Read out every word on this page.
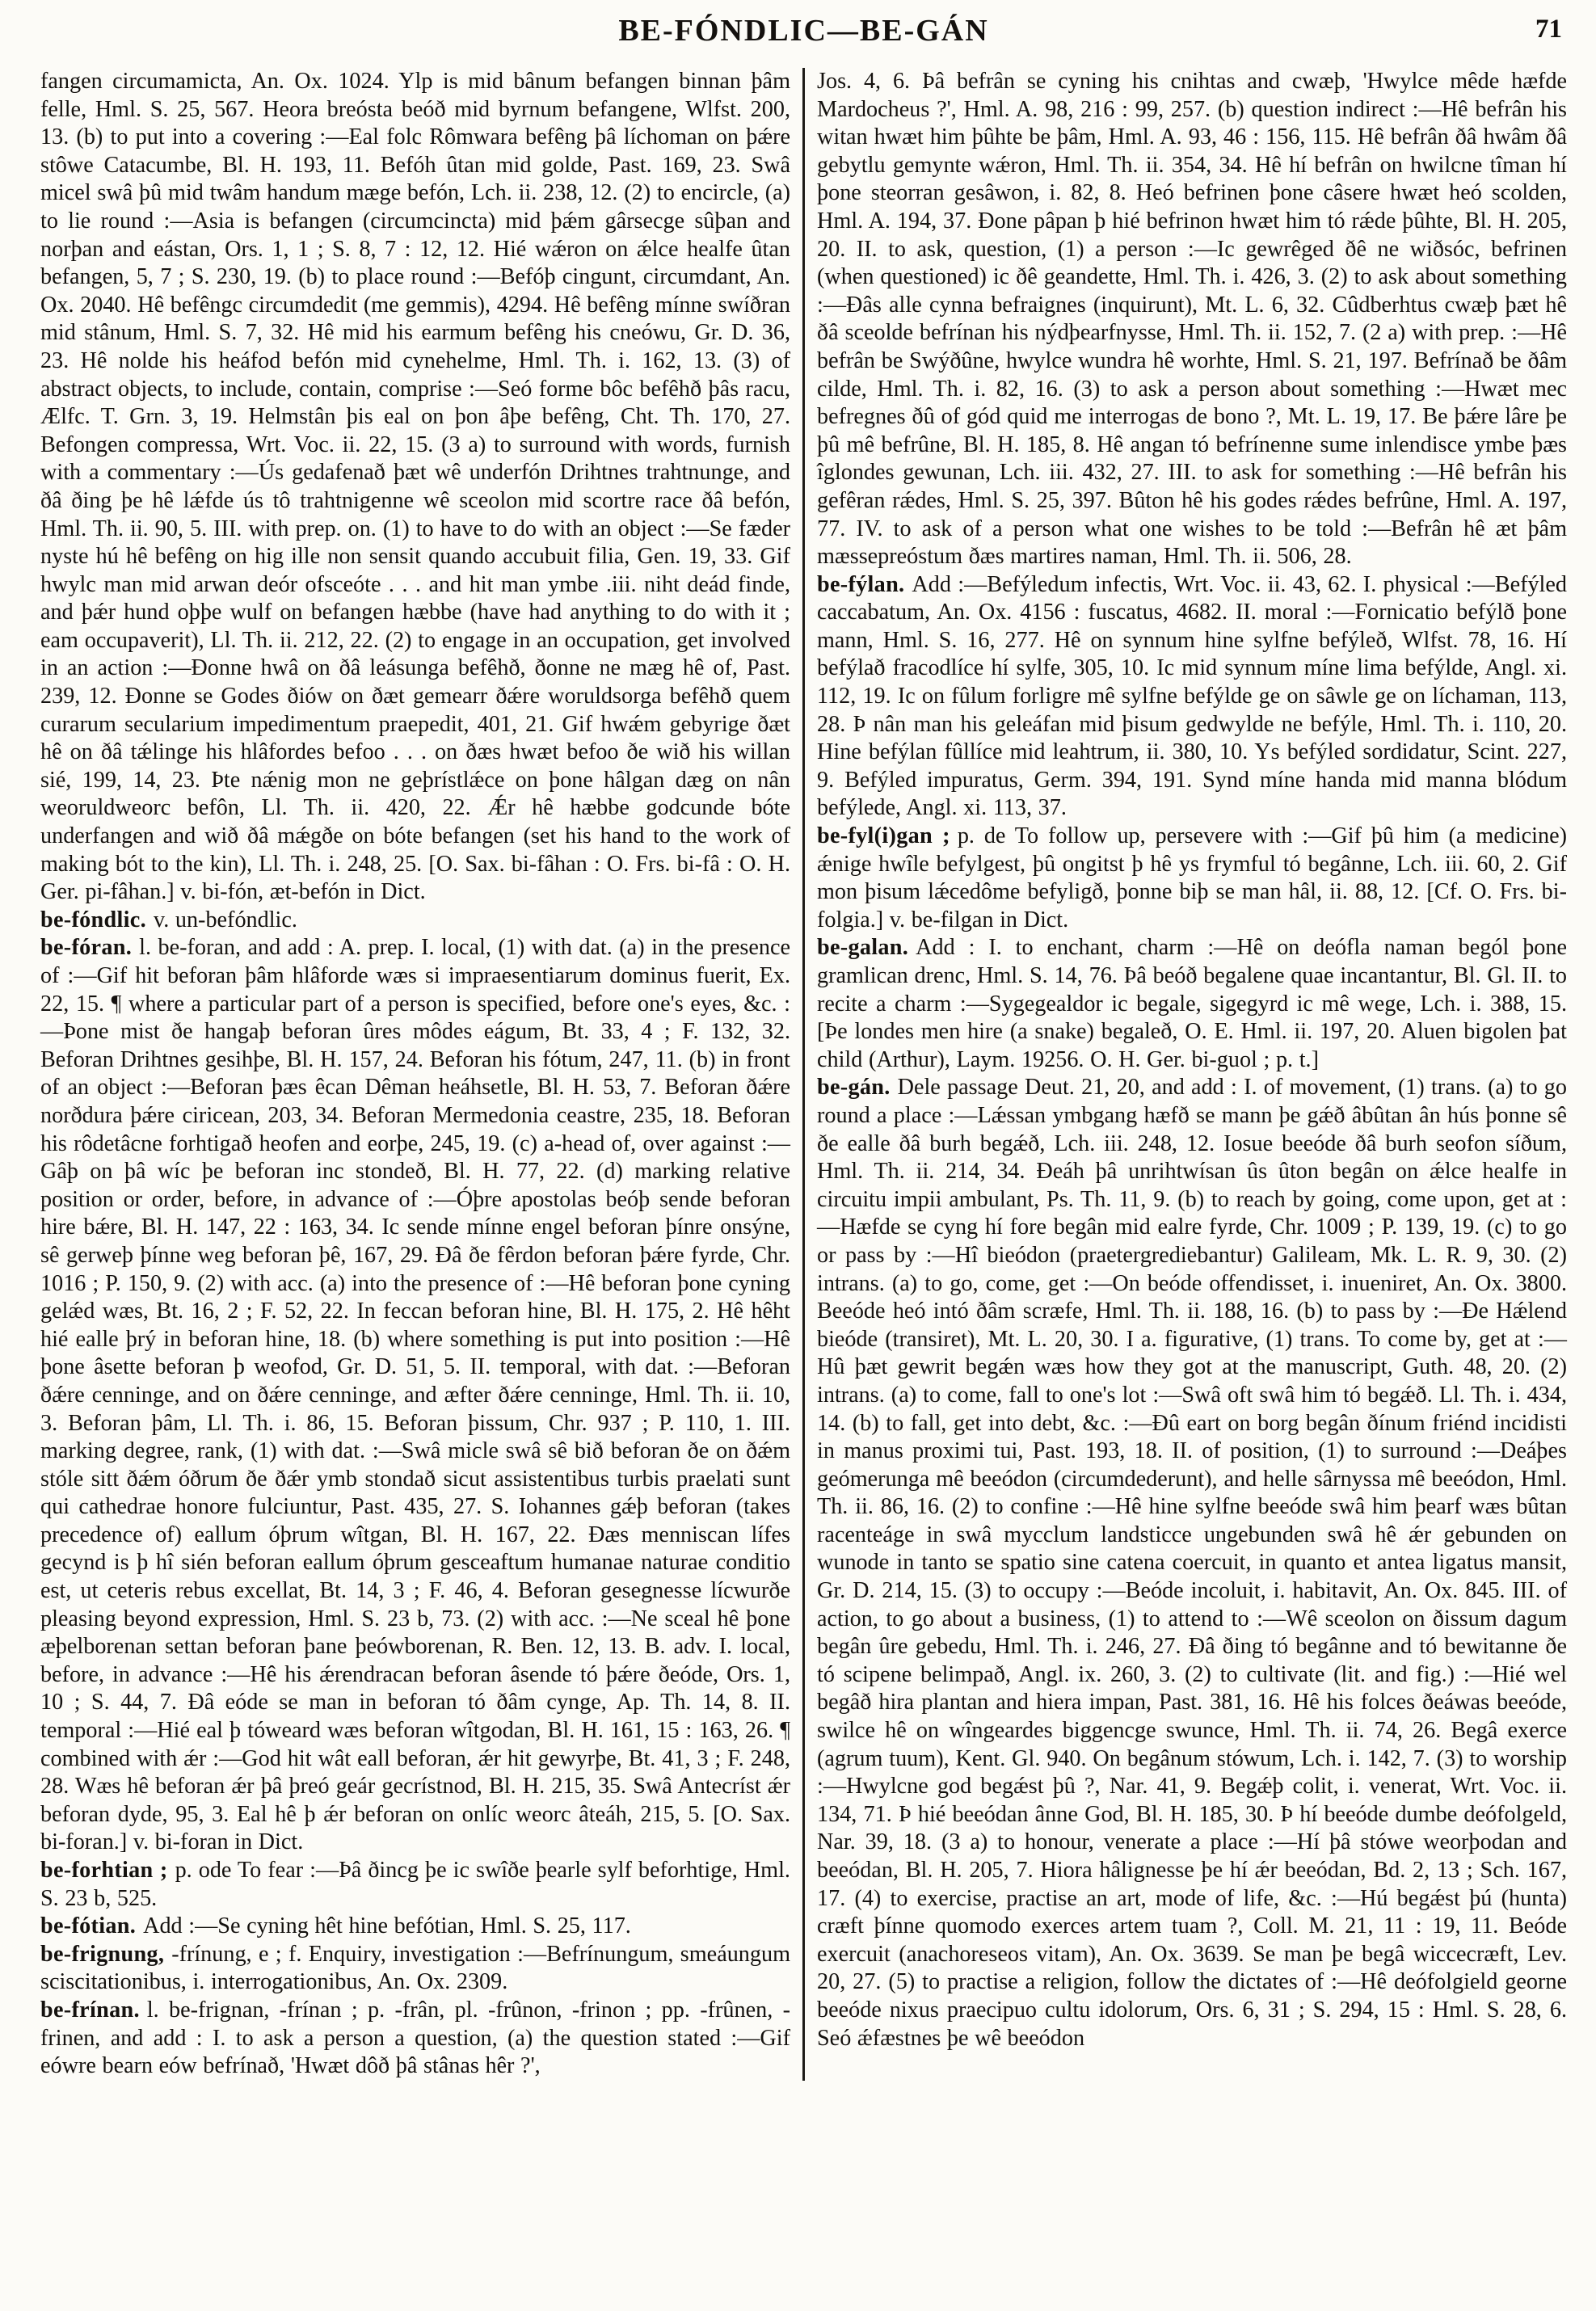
BE-FÓNDLIC—BE-GÁN	71

fangen circumamicta, An. Ox. 1024. Ylp is mid bânum befangen binnan þâm felle, Hml. S. 25, 567. Heora breósta beóð mid byrnum befangene, Wlfst. 200, 13. (b) to put into a covering :—Eal folc Rômwara befêng þâ líchoman on þǽre stôwe Catacumbe, Bl. H. 193, 11. Befóh ûtan mid golde, Past. 169, 23. Swâ micel swâ þû mid twâm handum mæge befón, Lch. ii. 238, 12. (2) to encircle, (a) to lie round :—Asia is befangen (circumcincta) mid þǽm gârsecge sûþan and norþan and eástan, Ors. 1, 1 ; S. 8, 7 : 12, 12. Hié wǽron on ǽlce healfe ûtan befangen, 5, 7 ; S. 230, 19. (b) to place round :—Befóþ cingunt, circumdant, An. Ox. 2040. Hê befêngc circumdedit (me gemmis), 4294. Hê befêng mínne swíðran mid stânum, Hml. S. 7, 32. Hê mid his earmum befêng his cneówu, Gr. D. 36, 23. Hê nolde his heáfod befón mid cynehelme, Hml. Th. i. 162, 13. (3) of abstract objects, to include, contain, comprise :—Seó forme bôc befêhð þâs racu, Ælfc. T. Grn. 3, 19. Helmstân þis eal on þon âþe befêng, Cht. Th. 170, 27. Befongen compressa, Wrt. Voc. ii. 22, 15. (3 a) to surround with words, furnish with a commentary :—Ús gedafenað þæt wê underfón Drihtnes trahtnunge, and ðâ ðing þe hê lǽfde ús tô trahtnigenne wê sceolon mid scortre race ðâ befón, Hml. Th. ii. 90, 5. III. with prep. on. (1) to have to do with an object :—Se fæder nyste hú hê befêng on hig ille non sensit quando accubuit filia, Gen. 19, 33. Gif hwylc man mid arwan deór ofsceóte . . . and hit man ymbe .iii. niht deád finde, and þǽr hund oþþe wulf on befangen hæbbe (have had anything to do with it ; eam occupaverit), Ll. Th. ii. 212, 22. (2) to engage in an occupation, get involved in an action :—Ðonne hwâ on ðâ leásunga befêhð, ðonne ne mæg hê of, Past. 239, 12. Ðonne se Godes ðiów on ðæt gemearr ðǽre woruldsorga befêhð quem curarum secularium impedimentum praepedit, 401, 21. Gif hwǽm gebyrige ðæt hê on ðâ tǽlinge his hlâfordes befoo . . . on ðæs hwæt befoo ðe wið his willan sié, 199, 14, 23. Þte nǽnig mon ne geþrístlǽce on þone hâlgan dæg on nân weoruldweorc befôn, Ll. Th. ii. 420, 22. Ǽr hê hæbbe godcunde bóte underfangen and wið ðâ mǽgðe on bóte befangen (set his hand to the work of making bót to the kin), Ll. Th. i. 248, 25. [O. Sax. bi-fâhan : O. Frs. bi-fâ : O. H. Ger. pi-fâhan.] v. bi-fón, æt-befón in Dict.

be-fóndlic. v. un-befóndlic.

be-fóran. l. be-foran, and add : A. prep. I. local, (1) with dat. (a) in the presence of :—Gif hit beforan þâm hlâforde wæs si impraesentiarum dominus fuerit, Ex. 22, 15. ¶ where a particular part of a person is specified, before one's eyes, &c. :—Þone mist ðe hangaþ beforan ûres môdes eágum, Bt. 33, 4 ; F. 132, 32. Beforan Drihtnes gesihþe, Bl. H. 157, 24. Beforan his fótum, 247, 11. (b) in front of an object :—Beforan þæs êcan Dêman heáhsetle, Bl. H. 53, 7. Beforan ðǽre norðdura þǽre ciricean, 203, 34. Beforan Mermedonia ceastre, 235, 18. Beforan his rôdetâcne forhtigað heofen and eorþe, 245, 19. (c) a-head of, over against :—Gâþ on þâ wíc þe beforan inc stondeð, Bl. H. 77, 22. (d) marking relative position or order, before, in advance of :—Óþre apostolas beóþ sende beforan hire bǽre, Bl. H. 147, 22 : 163, 34. Ic sende mínne engel beforan þínre onsýne, sê gerweþ þínne weg beforan þê, 167, 29. Ðâ ðe fêrdon beforan þǽre fyrde, Chr. 1016 ; P. 150, 9. (2) with acc. (a) into the presence of :—Hê beforan þone cyning gelǽd wæs, Bt. 16, 2 ; F. 52, 22. In feccan beforan hine, Bl. H. 175, 2. Hê hêht hié ealle þrý in beforan hine, 18. (b) where something is put into position :—Hê þone âsette beforan þ weofod, Gr. D. 51, 5. II. temporal, with dat. :—Beforan ðǽre cenninge, and on ðǽre cenninge, and æfter ðǽre cenninge, Hml. Th. ii. 10, 3. Beforan þâm, Ll. Th. i. 86, 15. Beforan þissum, Chr. 937 ; P. 110, 1. III. marking degree, rank, (1) with dat. :—Swâ micle swâ sê bið beforan ðe on ðǽm stóle sitt ðǽm óðrum ðe ðǽr ymb stondað sicut assistentibus turbis praelati sunt qui cathedrae honore fulciuntur, Past. 435, 27. S. Iohannes gǽþ beforan (takes precedence of) eallum óþrum wîtgan, Bl. H. 167, 22. Ðæs menniscan lífes gecynd is þ hî sién beforan eallum óþrum gesceaftum humanae naturae conditio est, ut ceteris rebus excellat, Bt. 14, 3 ; F. 46, 4. Beforan gesegnesse lícwurðe pleasing beyond expression, Hml. S. 23 b, 73. (2) with acc. :—Ne sceal hê þone æþelborenan settan beforan þane þeówborenan, R. Ben. 12, 13. B. adv. I. local, before, in advance :—Hê his ǽrendracan beforan âsende tó þǽre ðeóde, Ors. 1, 10 ; S. 44, 7. Ðâ eóde se man in beforan tó ðâm cynge, Ap. Th. 14, 8. II. temporal :—Hié eal þ tóweard wæs beforan wîtgodan, Bl. H. 161, 15 : 163, 26. ¶ combined with ǽr :—God hit wât eall beforan, ǽr hit gewyrþe, Bt. 41, 3 ; F. 248, 28. Wæs hê beforan ǽr þâ þreó geár gecrístnod, Bl. H. 215, 35. Swâ Antecríst ǽr beforan dyde, 95, 3. Eal hê þ ǽr beforan on onlíc weorc âteáh, 215, 5. [O. Sax. bi-foran.] v. bi-foran in Dict.

be-forhtian ; p. ode To fear :—Þâ ðincg þe ic swîðe þearle sylf beforhtige, Hml. S. 23 b, 525.

be-fótian. Add :—Se cyning hêt hine befótian, Hml. S. 25, 117.

be-frignung, -frínung, e ; f. Enquiry, investigation :—Befrínungum, smeáungum sciscitationibus, i. interrogationibus, An. Ox. 2309.

be-frínan. l. be-frignan, -frínan ; p. -frân, pl. -frûnon, -frinon ; pp. -frûnen, -frinen, and add : I. to ask a person a question, (a) the question stated :—Gif eówre bearn eów befrínað, 'Hwæt dôð þâ stânas hêr ?',

Jos. 4, 6. Þâ befrân se cyning his cnihtas and cwæþ, 'Hwylce mêde hæfde Mardocheus ?', Hml. A. 98, 216 : 99, 257. (b) question indirect :—Hê befrân his witan hwæt him þûhte be þâm, Hml. A. 93, 46 : 156, 115. Hê befrân ðâ hwâm ðâ gebytlu gemynte wǽron, Hml. Th. ii. 354, 34. Hê hí befrân on hwilcne tîman hí þone steorran gesâwon, i. 82, 8. Heó befrinen þone câsere hwæt heó scolden, Hml. A. 194, 37. Ðone pâpan þ hié befrinon hwæt him tó rǽde þûhte, Bl. H. 205, 20. II. to ask, question, (1) a person :—Ic gewrêged ðê ne wiðsóc, befrinen (when questioned) ic ðê geandette, Hml. Th. i. 426, 3. (2) to ask about something :—Ðâs alle cynna befraignes (inquirunt), Mt. L. 6, 32. Cûdberhtus cwæþ þæt hê ðâ sceolde befrínan his nýdþearfnysse, Hml. Th. ii. 152, 7. (2 a) with prep. :—Hê befrân be Swýðûne, hwylce wundra hê worhte, Hml. S. 21, 197. Befrínað be ðâm cilde, Hml. Th. i. 82, 16. (3) to ask a person about something :—Hwæt mec befregnes ðû of gód quid me interrogas de bono ?, Mt. L. 19, 17. Be þǽre lâre þe þû mê befrûne, Bl. H. 185, 8. Hê angan tó befrínenne sume inlendisce ymbe þæs îglondes gewunan, Lch. iii. 432, 27. III. to ask for something :—Hê befrân his gefêran rǽdes, Hml. S. 25, 397. Bûton hê his godes rǽdes befrûne, Hml. A. 197, 77. IV. to ask of a person what one wishes to be told :—Befrân hê æt þâm mæssepreóstum ðæs martires naman, Hml. Th. ii. 506, 28.

be-fýlan. Add :—Befýledum infectis, Wrt. Voc. ii. 43, 62. I. physical :—Befýled caccabatum, An. Ox. 4156 : fuscatus, 4682. II. moral :—Fornicatio befýlð þone mann, Hml. S. 16, 277. Hê on synnum hine sylfne befýleð, Wlfst. 78, 16. Hí befýlað fracodlíce hí sylfe, 305, 10. Ic mid synnum míne lima befýlde, Angl. xi. 112, 19. Ic on fûlum forligre mê sylfne befýlde ge on sâwle ge on líchaman, 113, 28. Þ nân man his geleáfan mid þisum gedwylde ne befýle, Hml. Th. i. 110, 20. Hine befýlan fûllíce mid leahtrum, ii. 380, 10. Ys befýled sordidatur, Scint. 227, 9. Befýled impuratus, Germ. 394, 191. Synd míne handa mid manna blódum befýlede, Angl. xi. 113, 37.

be-fyl(i)gan ; p. de To follow up, persevere with :—Gif þû him (a medicine) ǽnige hwîle befylgest, þû ongitst þ hê ys frymful tó begânne, Lch. iii. 60, 2. Gif mon þisum lǽcedôme befyligð, þonne biþ se man hâl, ii. 88, 12. [Cf. O. Frs. bi-folgia.] v. be-filgan in Dict.

be-galan. Add : I. to enchant, charm :—Hê on deófla naman begól þone gramlican drenc, Hml. S. 14, 76. Þâ beóð begalene quae incantantur, Bl. Gl. II. to recite a charm :—Sygegealdor ic begale, sigegyrd ic mê wege, Lch. i. 388, 15. [Þe londes men hire (a snake) begaleð, O. E. Hml. ii. 197, 20. Aluen bigolen þat child (Arthur), Laym. 19256. O. H. Ger. bi-guol ; p. t.]

be-gán. Dele passage Deut. 21, 20, and add : I. of movement, (1) trans. (a) to go round a place :—Lǽssan ymbgang hæfð se mann þe gǽð âbûtan ân hús þonne sê ðe ealle ðâ burh begǽð, Lch. iii. 248, 12. Iosue beeóde ðâ burh seofon síðum, Hml. Th. ii. 214, 34. Ðeáh þâ unrihtwísan ûs ûton begân on ǽlce healfe in circuitu impii ambulant, Ps. Th. 11, 9. (b) to reach by going, come upon, get at :—Hæfde se cyng hí fore begân mid ealre fyrde, Chr. 1009 ; P. 139, 19. (c) to go or pass by :—Hî bieódon (praetergrediebantur) Galileam, Mk. L. R. 9, 30. (2) intrans. (a) to go, come, get :—On beóde offendisset, i. inueniret, An. Ox. 3800. Beeóde heó intó ðâm scræfe, Hml. Th. ii. 188, 16. (b) to pass by :—Ðe Hǽlend bieóde (transiret), Mt. L. 20, 30. I a. figurative, (1) trans. To come by, get at :—Hû þæt gewrit begǽn wæs how they got at the manuscript, Guth. 48, 20. (2) intrans. (a) to come, fall to one's lot :—Swâ oft swâ him tó begǽð. Ll. Th. i. 434, 14. (b) to fall, get into debt, &c. :—Ðû eart on borg begân ðínum friénd incidisti in manus proximi tui, Past. 193, 18. II. of position, (1) to surround :—Deáþes geómerunga mê beeódon (circumdederunt), and helle sârnyssa mê beeódon, Hml. Th. ii. 86, 16. (2) to confine :—Hê hine sylfne beeóde swâ him þearf wæs bûtan racenteáge in swâ mycclum landsticce ungebunden swâ hê ǽr gebunden on wunode in tanto se spatio sine catena coercuit, in quanto et antea ligatus mansit, Gr. D. 214, 15. (3) to occupy :—Beóde incoluit, i. habitavit, An. Ox. 845. III. of action, to go about a business, (1) to attend to :—Wê sceolon on ðissum dagum begân ûre gebedu, Hml. Th. i. 246, 27. Ðâ ðing tó begânne and tó bewitanne ðe tó scipene belimpað, Angl. ix. 260, 3. (2) to cultivate (lit. and fig.) :—Hié wel begâð hira plantan and hiera impan, Past. 381, 16. Hê his folces ðeáwas beeóde, swilce hê on wîngeardes biggencge swunce, Hml. Th. ii. 74, 26. Begâ exerce (agrum tuum), Kent. Gl. 940. On begânum stówum, Lch. i. 142, 7. (3) to worship :—Hwylcne god begǽst þû ?, Nar. 41, 9. Begǽþ colit, i. venerat, Wrt. Voc. ii. 134, 71. Þ hié beeódan ânne God, Bl. H. 185, 30. Þ hí beeóde dumbe deófolgeld, Nar. 39, 18. (3 a) to honour, venerate a place :—Hí þâ stówe weorþodan and beeódan, Bl. H. 205, 7. Hiora hâlignesse þe hí ǽr beeódan, Bd. 2, 13 ; Sch. 167, 17. (4) to exercise, practise an art, mode of life, &c. :—Hú begǽst þú (hunta) cræft þínne quomodo exerces artem tuam ?, Coll. M. 21, 11 : 19, 11. Beóde exercuit (anachoreseos vitam), An. Ox. 3639. Se man þe begâ wiccecræft, Lev. 20, 27. (5) to practise a religion, follow the dictates of :—Hê deófolgield georne beeóde nixus praecipuo cultu idolorum, Ors. 6, 31 ; S. 294, 15 : Hml. S. 28, 6. Seó ǽfæstnes þe wê beeódon
